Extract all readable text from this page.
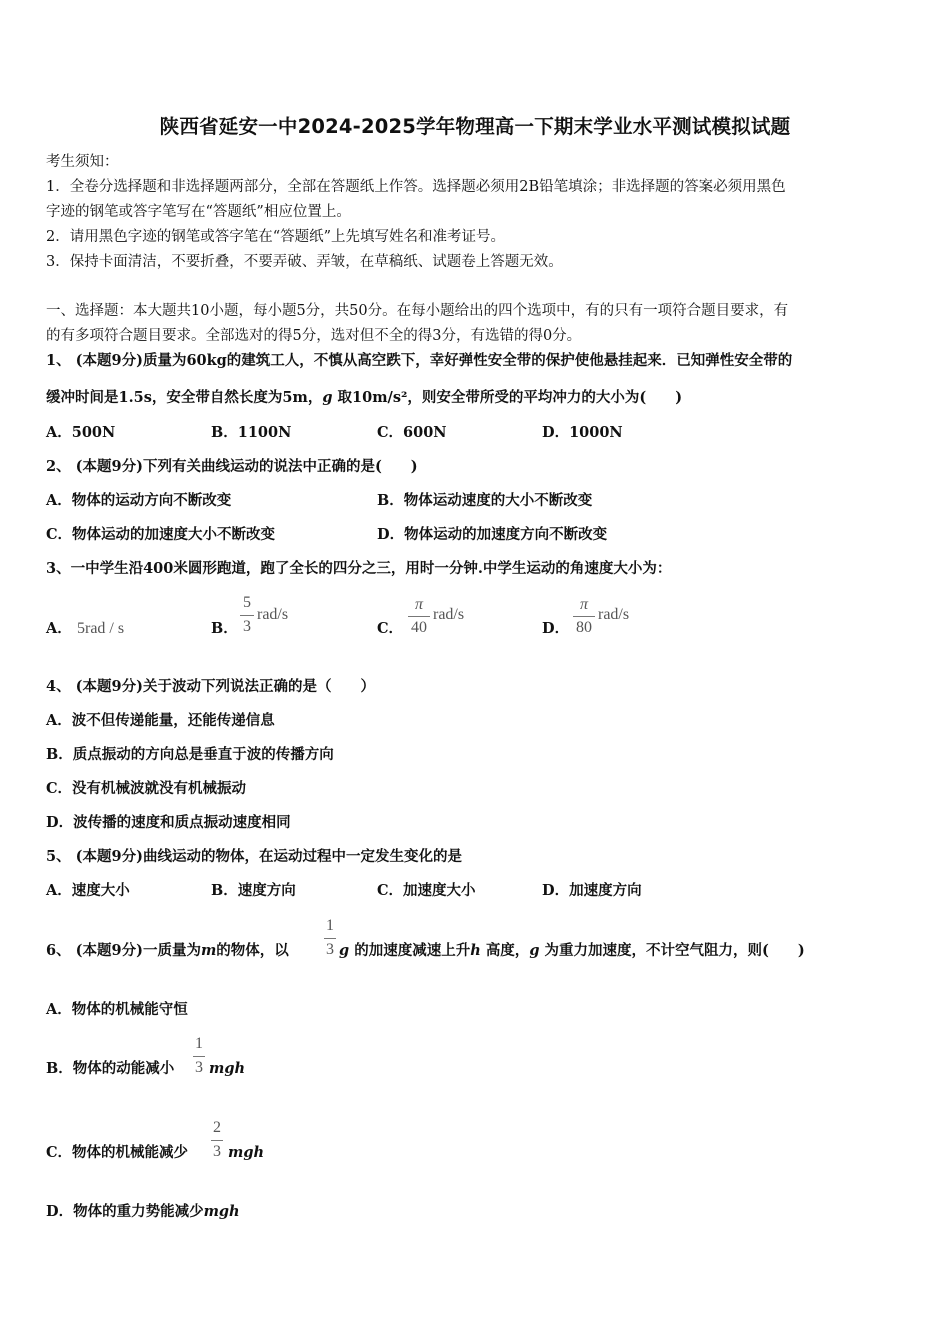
陕西省延安一中2024-2025学年物理高一下期末学业水平测试模拟试题
考生须知：
1．全卷分选择题和非选择题两部分，全部在答题纸上作答。选择题必须用2B铅笔填涂；非选择题的答案必须用黑色
字迹的钢笔或答字笔写在“答题纸”相应位置上。
2．请用黑色字迹的钢笔或答字笔在“答题纸”上先填写姓名和准考证号。
3．保持卡面清洁，不要折叠，不要弄破、弄皱，在草稿纸、试题卷上答题无效。
一、选择题：本大题共10小题，每小题5分，共50分。在每小题给出的四个选项中，有的只有一项符合题目要求，有
的有多项符合题目要求。全部选对的得5分，选对但不全的得3分，有选错的得0分。
1、 (本题9分)质量为60kg的建筑工人，不慎从高空跌下，幸好弹性安全带的保护使他悬挂起来．已知弹性安全带的
缓冲时间是1.5s，安全带自然长度为5m，g 取10m/s²，则安全带所受的平均冲力的大小为(　　)
A．500N	B．1100N	C．600N	D．1000N
2、 (本题9分)下列有关曲线运动的说法中正确的是(　　)
A．物体的运动方向不断改变	B．物体运动速度的大小不断改变
C．物体运动的加速度大小不断改变	D．物体运动的加速度方向不断改变
3、一中学生沿400米圆形跑道，跑了全长的四分之三，用时一分钟.中学生运动的角速度大小为：
A． 5rad / s	B．
5
3
rad/s
C．
π
40
rad/s
D．
π
80
rad/s
4、 (本题9分)关于波动下列说法正确的是（　　）
A．波不但传递能量，还能传递信息
B．质点振动的方向总是垂直于波的传播方向
C．没有机械波就没有机械振动
D．波传播的速度和质点振动速度相同
5、 (本题9分)曲线运动的物体，在运动过程中一定发生变化的是
A．速度大小	B．速度方向	C．加速度大小	D．加速度方向
6、 (本题9分)一质量为m的物体，以
1
3 g 的加速度减速上升h 高度，g 为重力加速度，不计空气阻力，则(　　)
A．物体的机械能守恒
B．物体的动能减小
1
3 mgh
C．物体的机械能减少
2
3 mgh
D．物体的重力势能减少mgh
